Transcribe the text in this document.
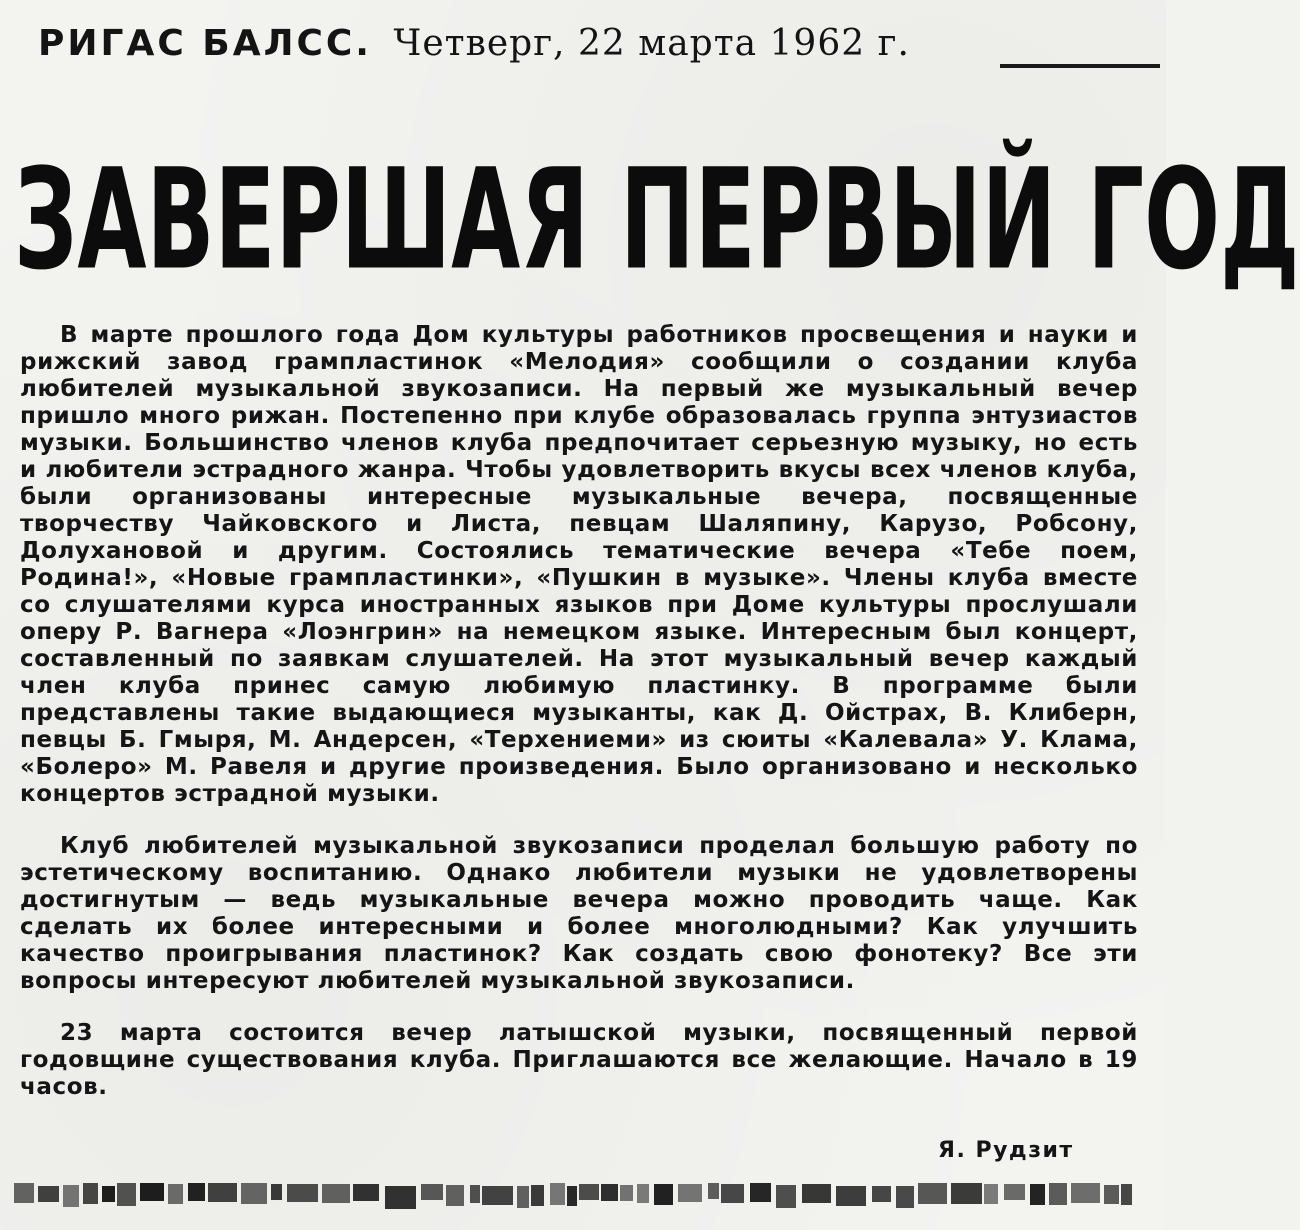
РИГАС БАЛСС. Четверг, 22 марта 1962 г.
ЗАВЕРШАЯ ПЕРВЫЙ ГОД

В марте прошлого года Дом культуры работников просвещения и науки и рижский завод грампластинок «Мелодия» сообщили о создании клуба любителей музыкальной звукозаписи. На первый же музыкальный вечер пришло много рижан. Постепенно при клубе образовалась группа энтузиастов музыки. Большинство членов клуба предпочитает серьезную музыку, но есть и любители эстрадного жанра. Чтобы удовлетворить вкусы всех членов клуба, были организованы интересные музыкальные вечера, посвященные творчеству Чайковского и Листа, певцам Шаляпину, Карузо, Робсону, Долухановой и другим. Состоялись тематические вечера «Тебе поем, Родина!», «Новые грампластинки», «Пушкин в музыке». Члены клуба вместе со слушателями курса иностранных языков при Доме культуры прослушали оперу Р. Вагнера «Лоэнгрин» на немецком языке. Интересным был концерт, составленный по заявкам слушателей. На этот музыкальный вечер каждый член клуба принес самую любимую пластинку. В программе были представлены такие выдающиеся музыканты, как Д. Ойстрах, В. Клиберн, певцы Б. Гмыря, М. Андерсен, «Терхениеми» из сюиты «Калевала» У. Клама, «Болеро» М. Равеля и другие произведения. Было организовано и несколько концертов эстрадной музыки.

Клуб любителей музыкальной звукозаписи проделал большую работу по эстетическому воспитанию. Однако любители музыки не удовлетворены достигнутым — ведь музыкальные вечера можно проводить чаще. Как сделать их более интересными и более многолюдными? Как улучшить качество проигрывания пластинок? Как создать свою фонотеку? Все эти вопросы интересуют любителей музыкальной звукозаписи.

23 марта состоится вечер латышской музыки, посвященный первой годовщине существования клуба. Приглашаются все желающие. Начало в 19 часов.

Я. Рудзит
